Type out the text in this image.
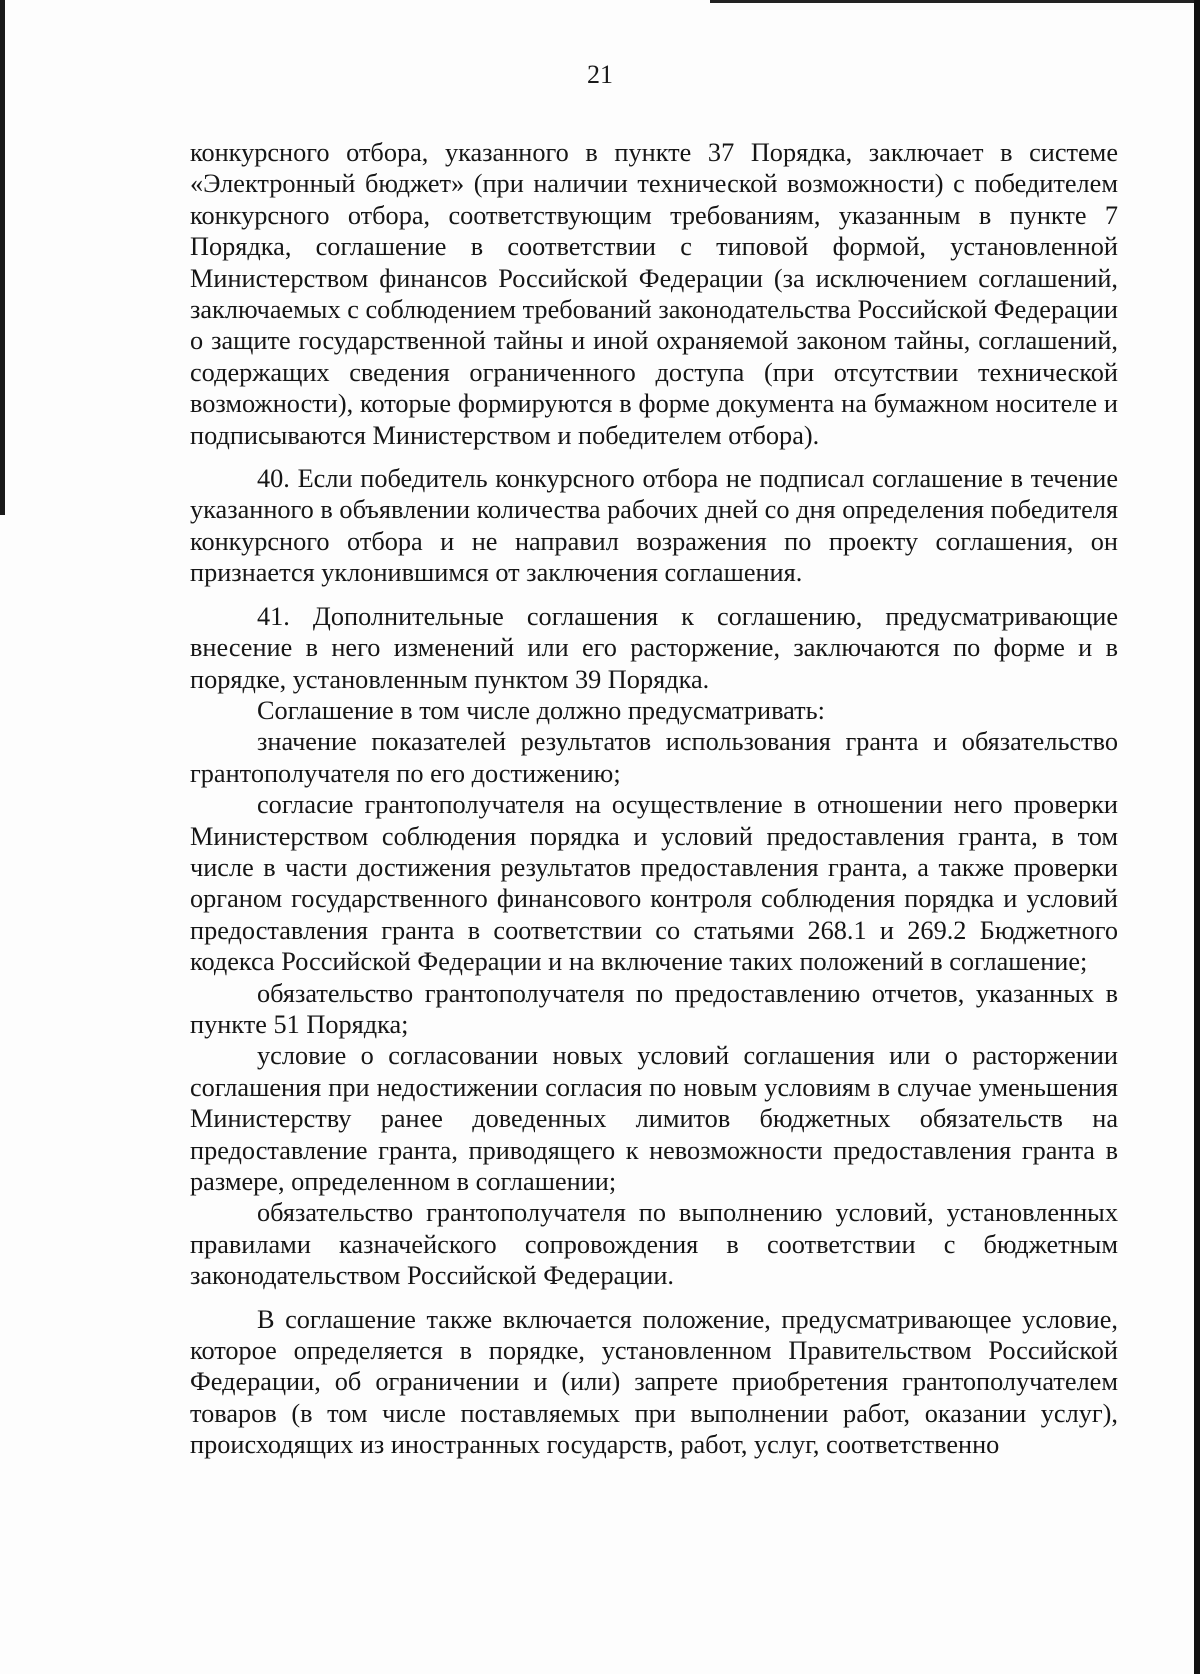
21

конкурсного отбора, указанного в пункте 37 Порядка, заключает в системе «Электронный бюджет» (при наличии технической возможности) с победителем конкурсного отбора, соответствующим требованиям, указанным в пункте 7 Порядка, соглашение в соответствии с типовой формой, установленной Министерством финансов Российской Федерации (за исключением соглашений, заключаемых с соблюдением требований законодательства Российской Федерации о защите государственной тайны и иной охраняемой законом тайны, соглашений, содержащих сведения ограниченного доступа (при отсутствии технической возможности), которые формируются в форме документа на бумажном носителе и подписываются Министерством и победителем отбора).

40. Если победитель конкурсного отбора не подписал соглашение в течение указанного в объявлении количества рабочих дней со дня определения победителя конкурсного отбора и не направил возражения по проекту соглашения, он признается уклонившимся от заключения соглашения.

41. Дополнительные соглашения к соглашению, предусматривающие внесение в него изменений или его расторжение, заключаются по форме и в порядке, установленным пунктом 39 Порядка.

Соглашение в том числе должно предусматривать:

значение показателей результатов использования гранта и обязательство грантополучателя по его достижению;

согласие грантополучателя на осуществление в отношении него проверки Министерством соблюдения порядка и условий предоставления гранта, в том числе в части достижения результатов предоставления гранта, а также проверки органом государственного финансового контроля соблюдения порядка и условий предоставления гранта в соответствии со статьями 268.1 и 269.2 Бюджетного кодекса Российской Федерации и на включение таких положений в соглашение;

обязательство грантополучателя по предоставлению отчетов, указанных в пункте 51 Порядка;

условие о согласовании новых условий соглашения или о расторжении соглашения при недостижении согласия по новым условиям в случае уменьшения Министерству ранее доведенных лимитов бюджетных обязательств на предоставление гранта, приводящего к невозможности предоставления гранта в размере, определенном в соглашении;

обязательство грантополучателя по выполнению условий, установленных правилами казначейского сопровождения в соответствии с бюджетным законодательством Российской Федерации.

В соглашение также включается положение, предусматривающее условие, которое определяется в порядке, установленном Правительством Российской Федерации, об ограничении и (или) запрете приобретения грантополучателем товаров (в том числе поставляемых при выполнении работ, оказании услуг), происходящих из иностранных государств, работ, услуг, соответственно
